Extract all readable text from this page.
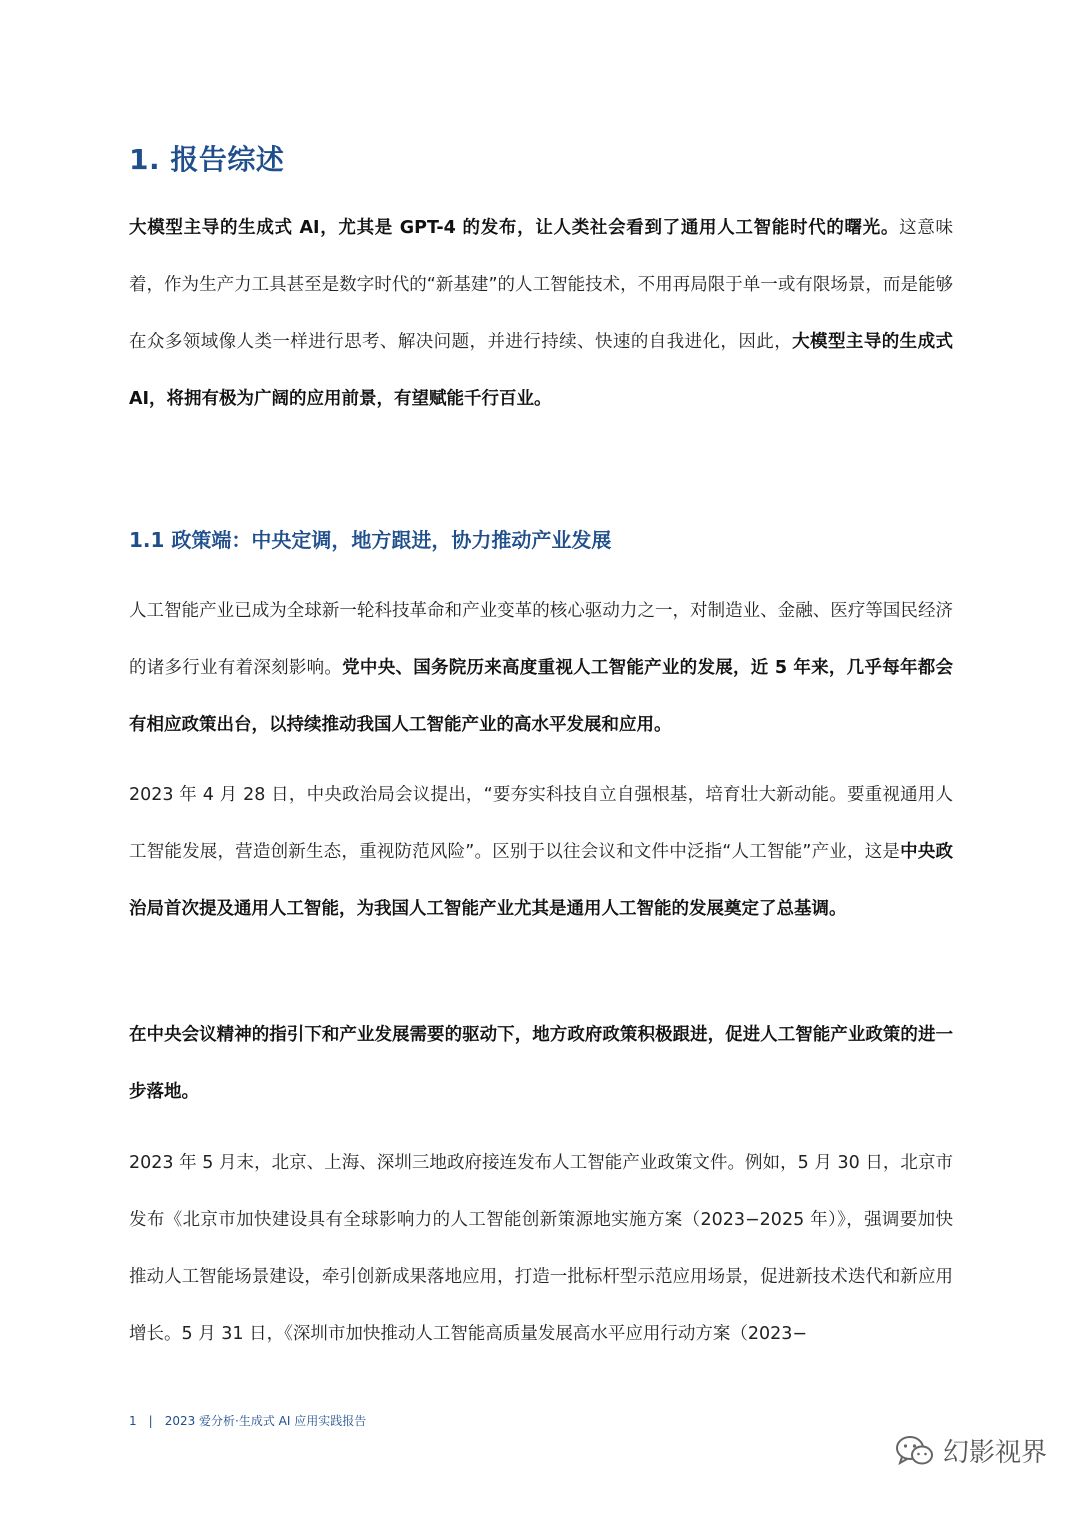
1. 报告综述

大模型主导的生成式 AI，尤其是 GPT-4 的发布，让人类社会看到了通用人工智能时代的曙光。这意味着，作为生产力工具甚至是数字时代的“新基建”的人工智能技术，不用再局限于单一或有限场景，而是能够在众多领域像人类一样进行思考、解决问题，并进行持续、快速的自我进化，因此，大模型主导的生成式 AI，将拥有极为广阔的应用前景，有望赋能千行百业。

1.1 政策端：中央定调，地方跟进，协力推动产业发展

人工智能产业已成为全球新一轮科技革命和产业变革的核心驱动力之一，对制造业、金融、医疗等国民经济的诸多行业有着深刻影响。党中央、国务院历来高度重视人工智能产业的发展，近 5 年来，几乎每年都会有相应政策出台，以持续推动我国人工智能产业的高水平发展和应用。

2023 年 4 月 28 日，中央政治局会议提出，“要夯实科技自立自强根基，培育壮大新动能。要重视通用人工智能发展，营造创新生态，重视防范风险”。区别于以往会议和文件中泛指“人工智能”产业，这是中央政治局首次提及通用人工智能，为我国人工智能产业尤其是通用人工智能的发展奠定了总基调。

在中央会议精神的指引下和产业发展需要的驱动下，地方政府政策积极跟进，促进人工智能产业政策的进一步落地。

2023 年 5 月末，北京、上海、深圳三地政府接连发布人工智能产业政策文件。例如，5 月 30 日，北京市发布《北京市加快建设具有全球影响力的人工智能创新策源地实施方案（2023−2025 年）》，强调要加快推动人工智能场景建设，牵引创新成果落地应用，打造一批标杆型示范应用场景，促进新技术迭代和新应用增长。5 月 31 日，《深圳市加快推动人工智能高质量发展高水平应用行动方案（2023−

1 | 2023 爱分析·生成式 AI 应用实践报告
幻影视界
